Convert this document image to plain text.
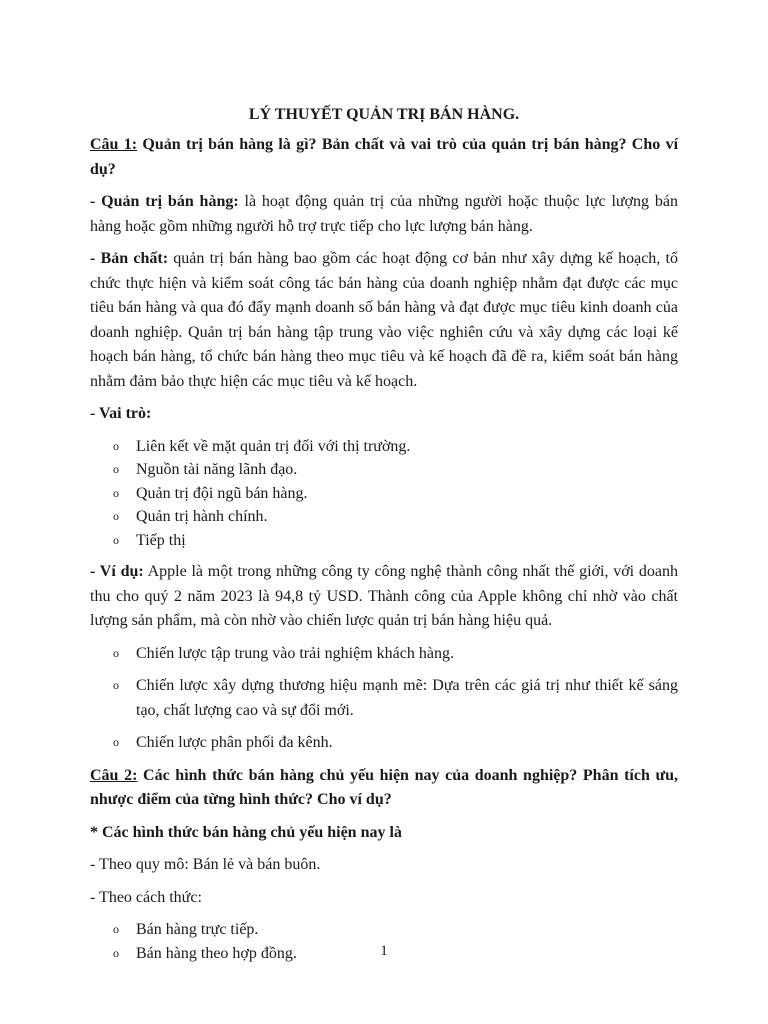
LÝ THUYẾT QUẢN TRỊ BÁN HÀNG.

Câu 1: Quản trị bán hàng là gì? Bản chất và vai trò của quản trị bán hàng? Cho ví dụ?

- Quản trị bán hàng: là hoạt động quản trị của những người hoặc thuộc lực lượng bán hàng hoặc gồm những người hỗ trợ trực tiếp cho lực lượng bán hàng.

- Bản chất: quản trị bán hàng bao gồm các hoạt động cơ bản như xây dựng kế hoạch, tổ chức thực hiện và kiểm soát công tác bán hàng của doanh nghiệp nhằm đạt được các mục tiêu bán hàng và qua đó đẩy mạnh doanh số bán hàng và đạt được mục tiêu kinh doanh của doanh nghiệp. Quản trị bán hàng tập trung vào việc nghiên cứu và xây dựng các loại kế hoạch bán hàng, tổ chức bán hàng theo mục tiêu và kế hoạch đã đề ra, kiểm soát bán hàng nhằm đảm bảo thực hiện các mục tiêu và kế hoạch.

- Vai trò:

o Liên kết về mặt quản trị đối với thị trường.
o Nguồn tài năng lãnh đạo.
o Quản trị đội ngũ bán hàng.
o Quản trị hành chính.
o Tiếp thị

- Ví dụ: Apple là một trong những công ty công nghệ thành công nhất thế giới, với doanh thu cho quý 2 năm 2023 là 94,8 tỷ USD. Thành công của Apple không chỉ nhờ vào chất lượng sản phẩm, mà còn nhờ vào chiến lược quản trị bán hàng hiệu quả.

o Chiến lược tập trung vào trải nghiệm khách hàng.
o Chiến lược xây dựng thương hiệu mạnh mẽ: Dựa trên các giá trị như thiết kế sáng tạo, chất lượng cao và sự đổi mới.
o Chiến lược phân phối đa kênh.

Câu 2: Các hình thức bán hàng chủ yếu hiện nay của doanh nghiệp? Phân tích ưu, nhược điểm của từng hình thức? Cho ví dụ?

* Các hình thức bán hàng chủ yếu hiện nay là

- Theo quy mô: Bán lẻ và bán buôn.

- Theo cách thức:

o Bán hàng trực tiếp.
o Bán hàng theo hợp đồng.	1
